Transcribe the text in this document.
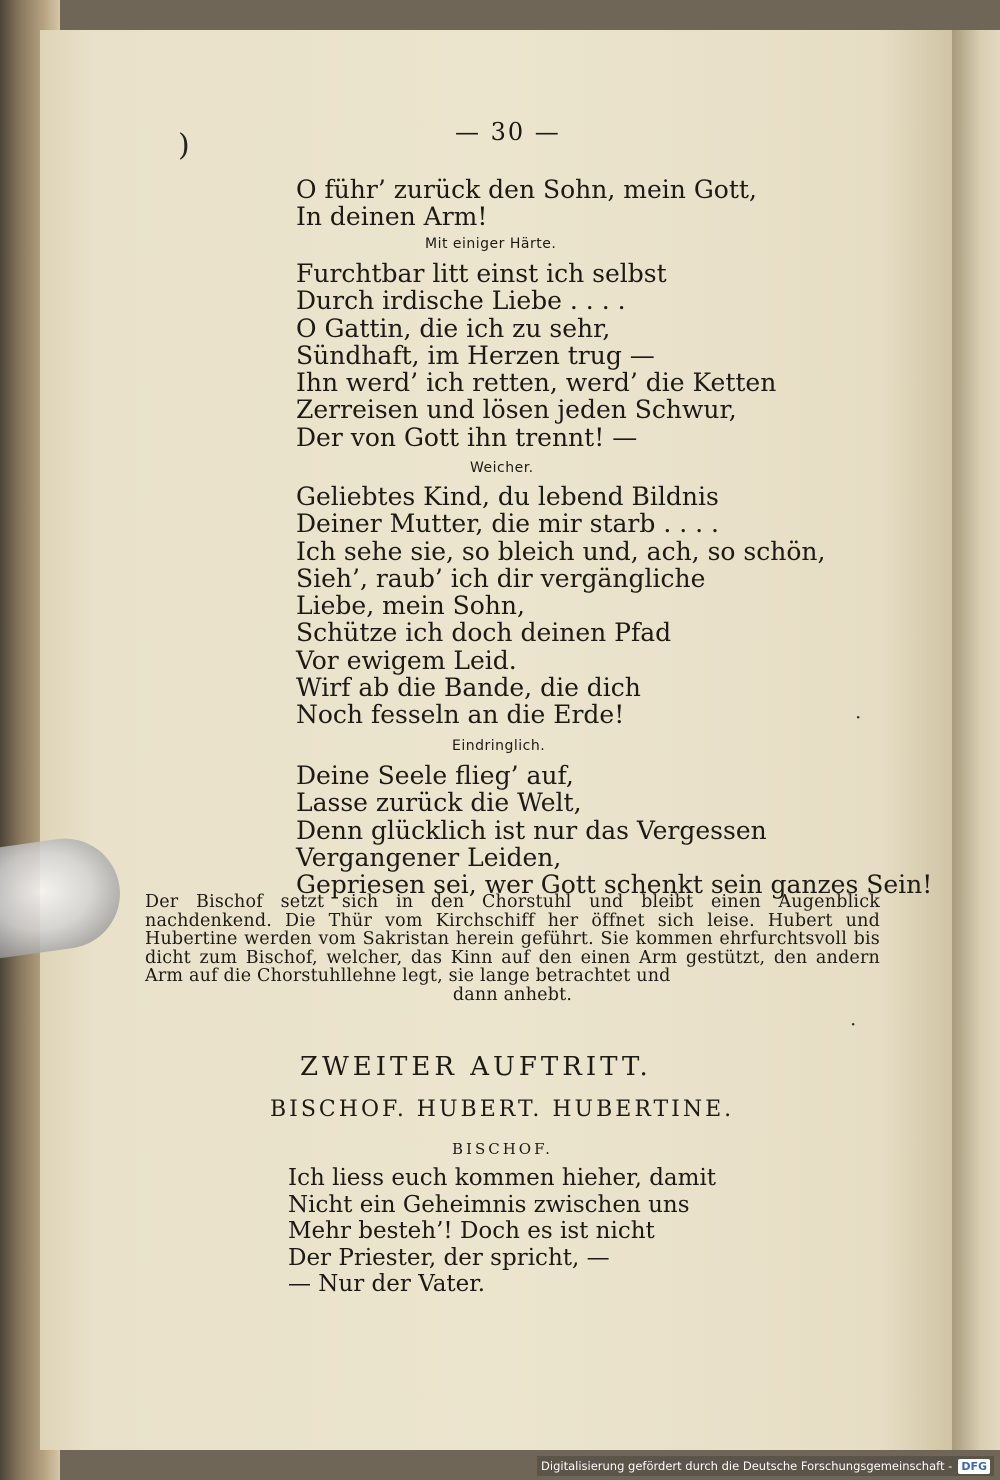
)	— 30 —
O führ’ zurück den Sohn, mein Gott,
In deinen Arm!
Mit einiger Härte.
Furchtbar litt einst ich selbst
Durch irdische Liebe . . . .
O Gattin, die ich zu sehr,
Sündhaft, im Herzen trug —
Ihn werd’ ich retten, werd’ die Ketten
Zerreisen und lösen jeden Schwur,
Der von Gott ihn trennt! —
Weicher.
Geliebtes Kind, du lebend Bildnis
Deiner Mutter, die mir starb . . . .
Ich sehe sie, so bleich und, ach, so schön,
Sieh’, raub’ ich dir vergängliche
Liebe, mein Sohn,
Schütze ich doch deinen Pfad
Vor ewigem Leid.
Wirf ab die Bande, die dich
Noch fesseln an die Erde!
Eindringlich.
Deine Seele flieg’ auf,
Lasse zurück die Welt,
Denn glücklich ist nur das Vergessen
Vergangener Leiden,
Gepriesen sei, wer Gott schenkt sein ganzes Sein!
Der Bischof setzt sich in den Chorstuhl und bleibt einen Augenblick nachdenkend. Die Thür vom Kirchschiff her öffnet sich leise. Hubert und Hubertine werden vom Sakristan herein geführt. Sie kommen ehrfurchtsvoll bis dicht zum Bischof, welcher, das Kinn auf den einen Arm gestützt, den andern Arm auf die Chorstuhllehne legt, sie lange betrachtet und
dann anhebt.
ZWEITER AUFTRITT.
BISCHOF. HUBERT. HUBERTINE.
BISCHOF.
Ich liess euch kommen hieher, damit
Nicht ein Geheimnis zwischen uns
Mehr besteh’! Doch es ist nicht
Der Priester, der spricht, —
— Nur der Vater.
·
·
Digitalisierung gefördert durch die Deutsche Forschungsgemeinschaft - DFG
